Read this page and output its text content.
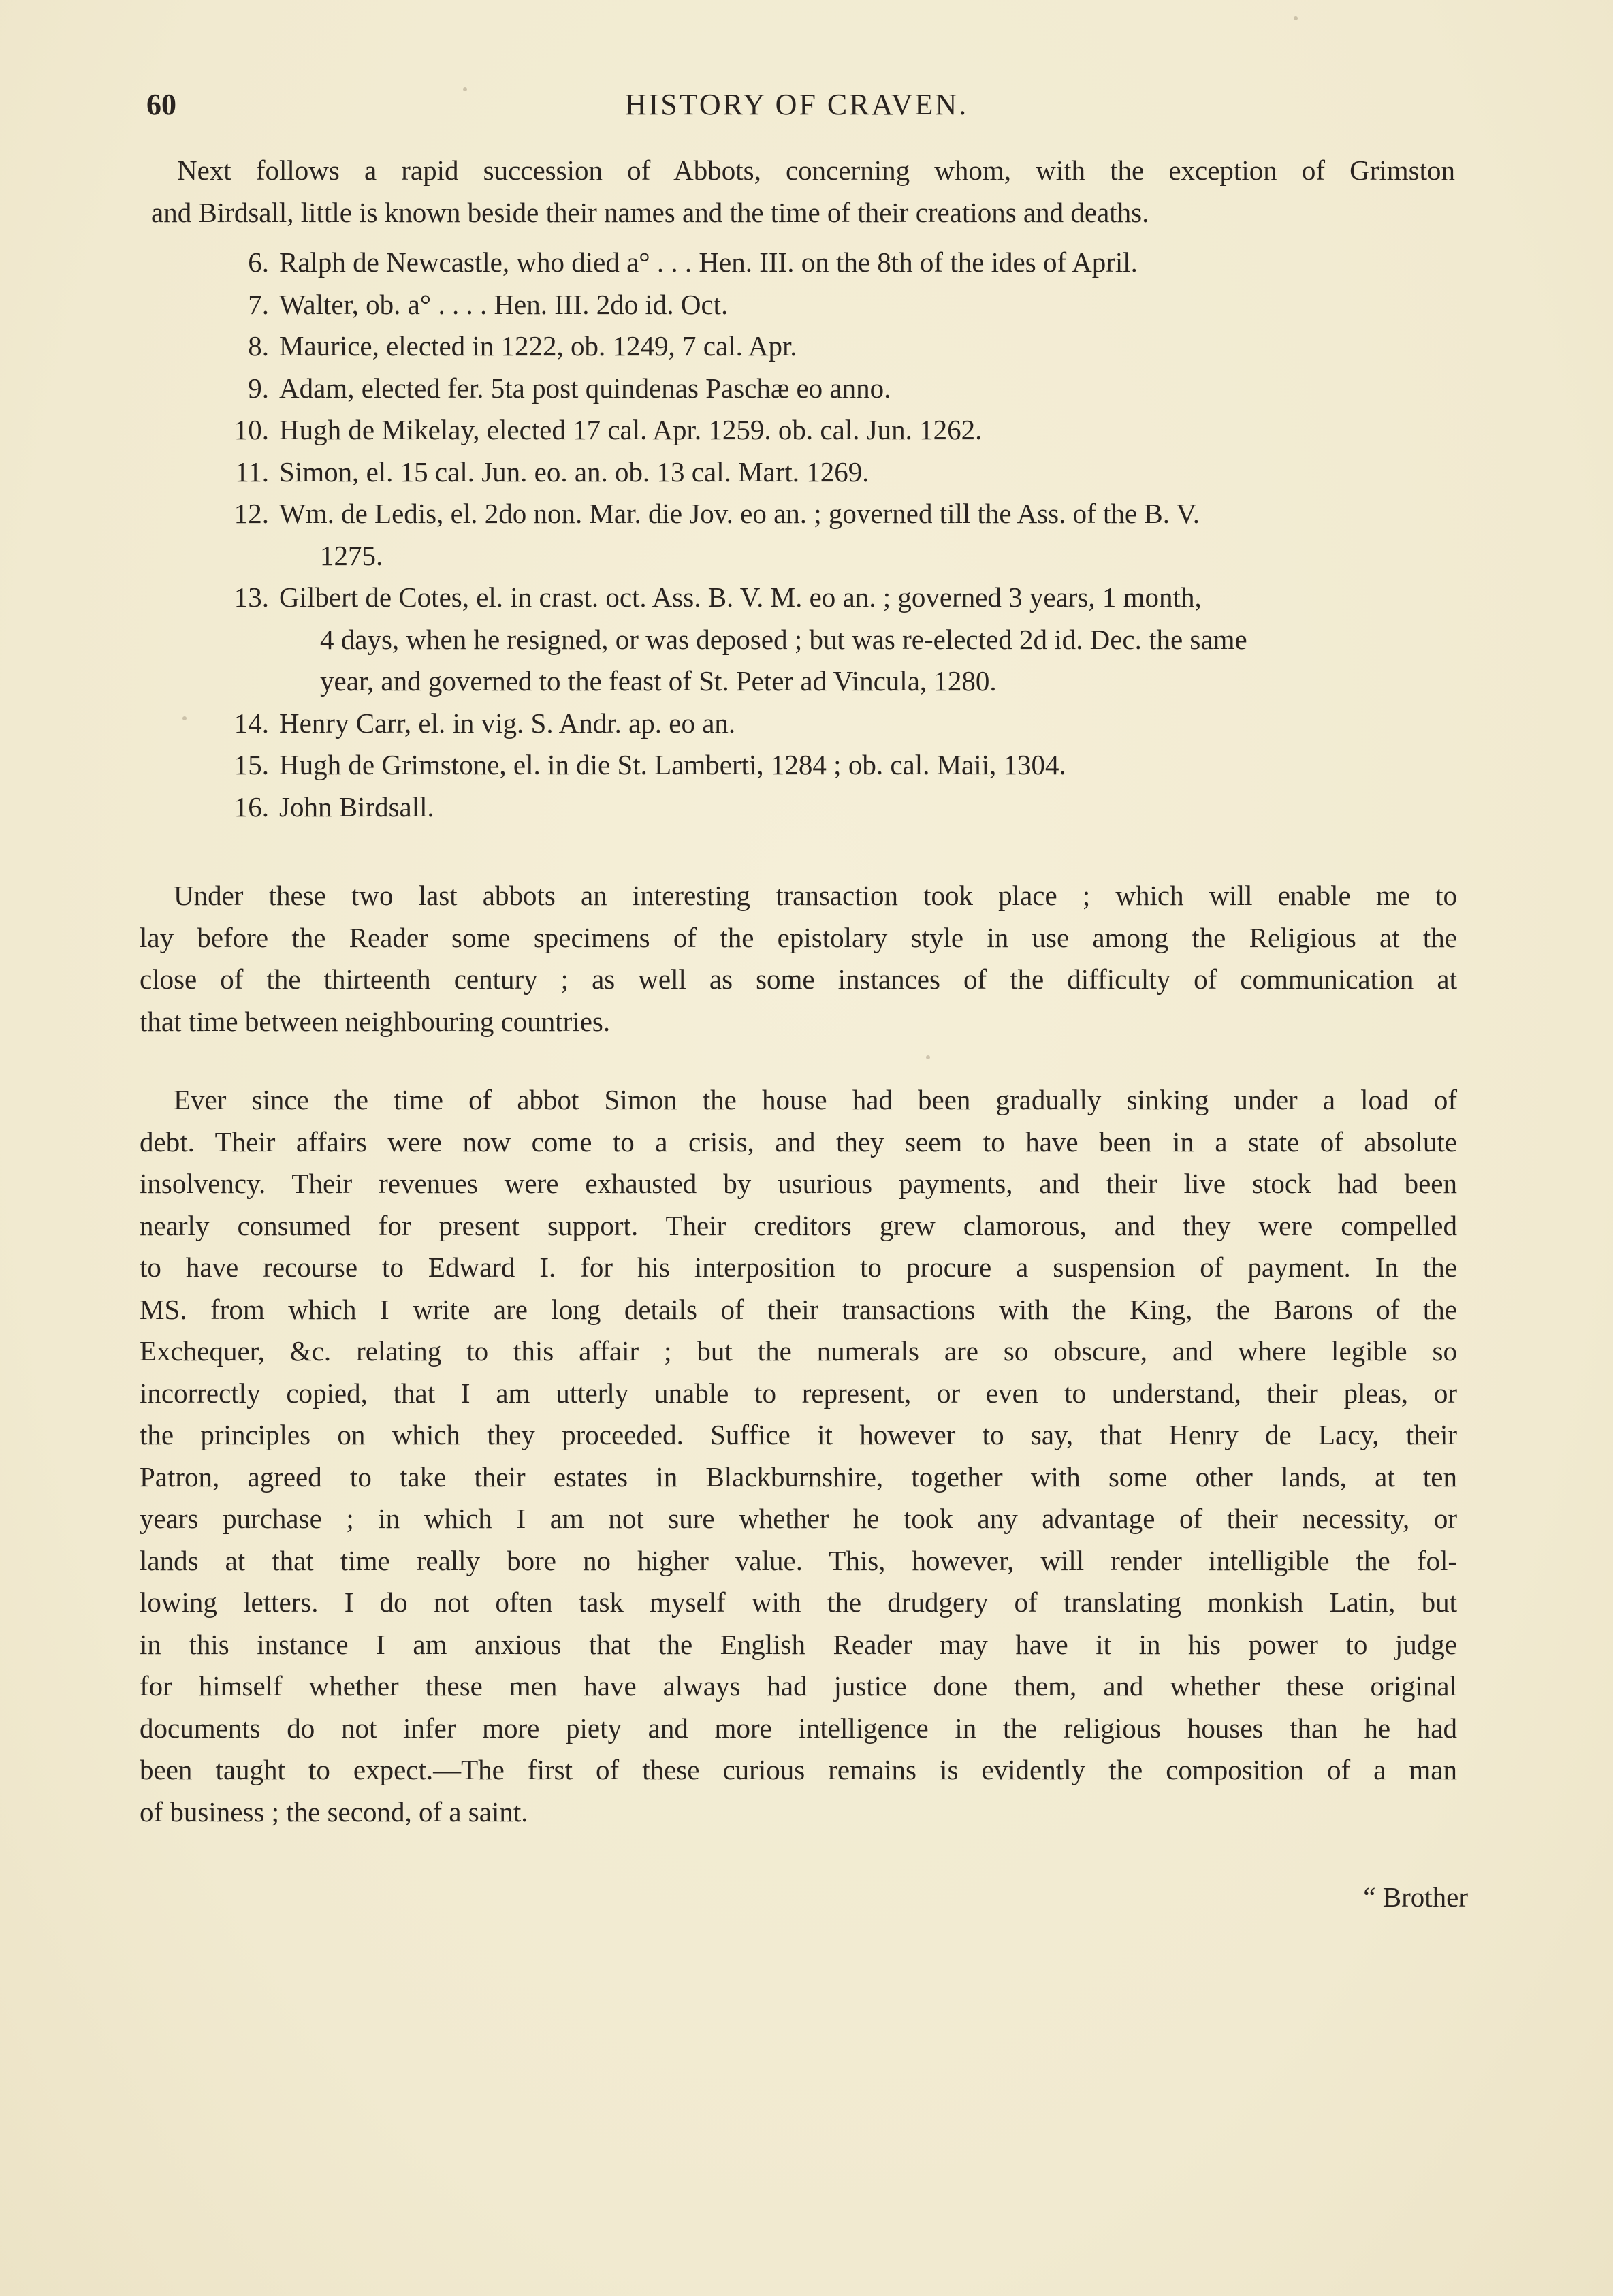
60	HISTORY OF CRAVEN.
Next follows a rapid succession of Abbots, concerning whom, with the exception of Grimston
and Birdsall, little is known beside their names and the time of their creations and deaths.
6. Ralph de Newcastle, who died a° . . . Hen. III. on the 8th of the ides of April.
7. Walter, ob. a° . . . . Hen. III. 2do id. Oct.
8. Maurice, elected in 1222, ob. 1249, 7 cal. Apr.
9. Adam, elected fer. 5ta post quindenas Paschæ eo anno.
10. Hugh de Mikelay, elected 17 cal. Apr. 1259. ob. cal. Jun. 1262.
11. Simon, el. 15 cal. Jun. eo. an. ob. 13 cal. Mart. 1269.
12. Wm. de Ledis, el. 2do non. Mar. die Jov. eo an. ; governed till the Ass. of the B. V.
1275.
13. Gilbert de Cotes, el. in crast. oct. Ass. B. V. M. eo an. ; governed 3 years, 1 month,
4 days, when he resigned, or was deposed ; but was re-elected 2d id. Dec. the same
year, and governed to the feast of St. Peter ad Vincula, 1280.
14. Henry Carr, el. in vig. S. Andr. ap. eo an.
15. Hugh de Grimstone, el. in die St. Lamberti, 1284 ; ob. cal. Maii, 1304.
16. John Birdsall.
Under these two last abbots an interesting transaction took place ; which will enable me to
lay before the Reader some specimens of the epistolary style in use among the Religious at the
close of the thirteenth century ; as well as some instances of the difficulty of communication at
that time between neighbouring countries.
Ever since the time of abbot Simon the house had been gradually sinking under a load of
debt. Their affairs were now come to a crisis, and they seem to have been in a state of absolute
insolvency. Their revenues were exhausted by usurious payments, and their live stock had been
nearly consumed for present support. Their creditors grew clamorous, and they were compelled
to have recourse to Edward I. for his interposition to procure a suspension of payment. In the
MS. from which I write are long details of their transactions with the King, the Barons of the
Exchequer, &c. relating to this affair ; but the numerals are so obscure, and where legible so
incorrectly copied, that I am utterly unable to represent, or even to understand, their pleas, or
the principles on which they proceeded. Suffice it however to say, that Henry de Lacy, their
Patron, agreed to take their estates in Blackburnshire, together with some other lands, at ten
years purchase ; in which I am not sure whether he took any advantage of their necessity, or
lands at that time really bore no higher value. This, however, will render intelligible the fol-
lowing letters. I do not often task myself with the drudgery of translating monkish Latin, but
in this instance I am anxious that the English Reader may have it in his power to judge
for himself whether these men have always had justice done them, and whether these original
documents do not infer more piety and more intelligence in the religious houses than he had
been taught to expect.—The first of these curious remains is evidently the composition of a man
of business ; the second, of a saint.
“ Brother
